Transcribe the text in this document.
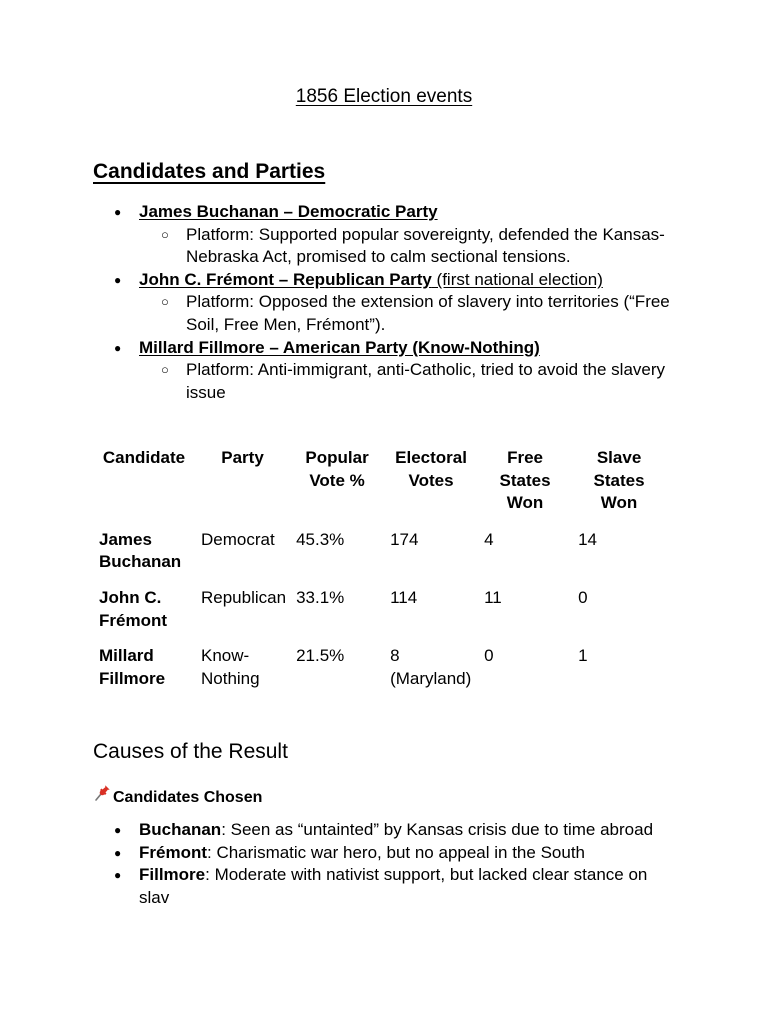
1856 Election events
Candidates and Parties
● James Buchanan – Democratic Party
○ Platform: Supported popular sovereignty, defended the Kansas-Nebraska Act, promised to calm sectional tensions.
● John C. Frémont – Republican Party (first national election)
○ Platform: Opposed the extension of slavery into territories (“Free Soil, Free Men, Frémont”).
● Millard Fillmore – American Party (Know-Nothing)
○ Platform: Anti-immigrant, anti-Catholic, tried to avoid the slavery issue
Candidate	Party	Popular Vote %	Electoral Votes	Free States Won	Slave States Won
James Buchanan	Democrat	45.3%	174	4	14
John C. Frémont	Republican	33.1%	114	11	0
Millard Fillmore	Know-Nothing	21.5%	8 (Maryland)	0	1
Causes of the Result
Candidates Chosen
● Buchanan: Seen as “untainted” by Kansas crisis due to time abroad
● Frémont: Charismatic war hero, but no appeal in the South
● Fillmore: Moderate with nativist support, but lacked clear stance on slav
